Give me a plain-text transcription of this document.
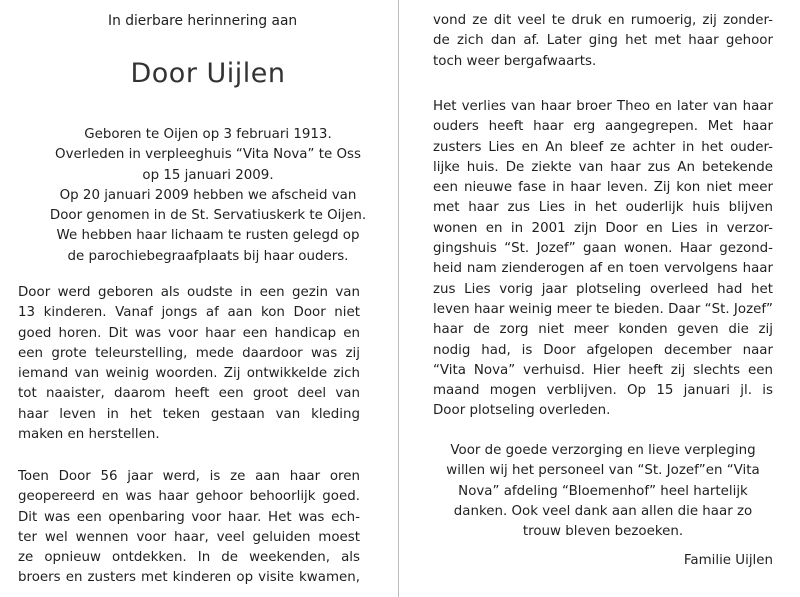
In dierbare herinnering aan
Door Uijlen
Geboren te Oijen op 3 februari 1913.
Overleden in verpleeghuis “Vita Nova” te Oss
op 15 januari 2009.
Op 20 januari 2009 hebben we afscheid van
Door genomen in de St. Servatiuskerk te Oijen.
We hebben haar lichaam te rusten gelegd op
de parochiebegraafplaats bij haar ouders.
Door werd geboren als oudste in een gezin van
13 kinderen. Vanaf jongs af aan kon Door niet
goed horen. Dit was voor haar een handicap en
een grote teleurstelling, mede daardoor was zij
iemand van weinig woorden. Zij ontwikkelde zich
tot naaister, daarom heeft een groot deel van
haar leven in het teken gestaan van kleding
maken en herstellen.
Toen Door 56 jaar werd, is ze aan haar oren
geopereerd en was haar gehoor behoorlijk goed.
Dit was een openbaring voor haar. Het was ech-
ter wel wennen voor haar, veel geluiden moest
ze opnieuw ontdekken. In de weekenden, als
broers en zusters met kinderen op visite kwamen,
vond ze dit veel te druk en rumoerig, zij zonder-
de zich dan af. Later ging het met haar gehoor
toch weer bergafwaarts.
Het verlies van haar broer Theo en later van haar
ouders heeft haar erg aangegrepen. Met haar
zusters Lies en An bleef ze achter in het ouder-
lijke huis. De ziekte van haar zus An betekende
een nieuwe fase in haar leven. Zij kon niet meer
met haar zus Lies in het ouderlijk huis blijven
wonen en in 2001 zijn Door en Lies in verzor-
gingshuis “St. Jozef” gaan wonen. Haar gezond-
heid nam zienderogen af en toen vervolgens haar
zus Lies vorig jaar plotseling overleed had het
leven haar weinig meer te bieden. Daar “St. Jozef”
haar de zorg niet meer konden geven die zij
nodig had, is Door afgelopen december naar
“Vita Nova” verhuisd. Hier heeft zij slechts een
maand mogen verblijven. Op 15 januari jl. is
Door plotseling overleden.
Voor de goede verzorging en lieve verpleging
willen wij het personeel van “St. Jozef”en “Vita
Nova” afdeling “Bloemenhof” heel hartelijk
danken. Ook veel dank aan allen die haar zo
trouw bleven bezoeken.
Familie Uijlen
